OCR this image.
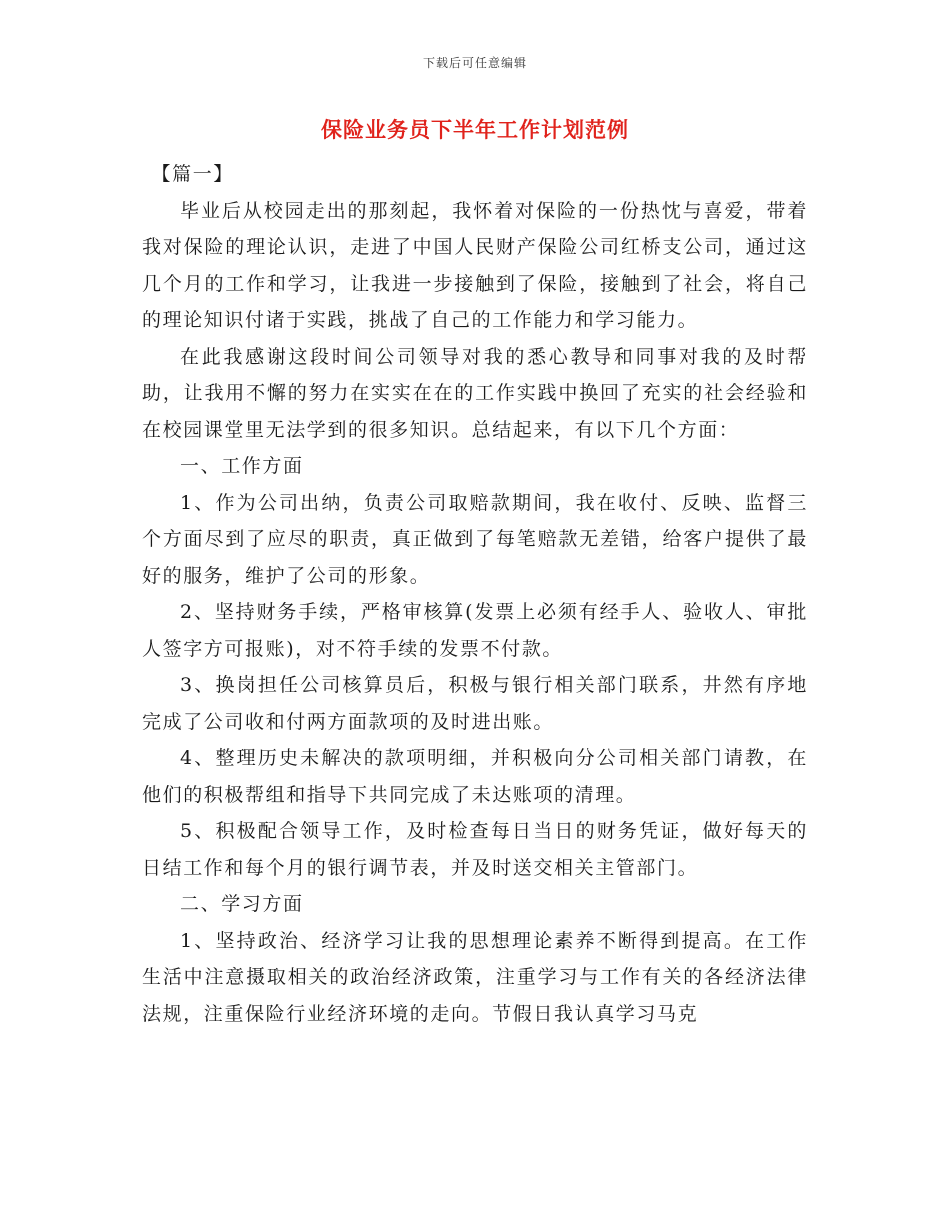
下载后可任意编辑
保险业务员下半年工作计划范例

【篇一】

毕业后从校园走出的那刻起，我怀着对保险的一份热忱与喜爱，带着我对保险的理论认识，走进了中国人民财产保险公司红桥支公司，通过这几个月的工作和学习，让我进一步接触到了保险，接触到了社会，将自己的理论知识付诸于实践，挑战了自己的工作能力和学习能力。

在此我感谢这段时间公司领导对我的悉心教导和同事对我的及时帮助，让我用不懈的努力在实实在在的工作实践中换回了充实的社会经验和在校园课堂里无法学到的很多知识。总结起来，有以下几个方面：

一、工作方面

1、作为公司出纳，负责公司取赔款期间，我在收付、反映、监督三个方面尽到了应尽的职责，真正做到了每笔赔款无差错，给客户提供了最好的服务，维护了公司的形象。

2、坚持财务手续，严格审核算(发票上必须有经手人、验收人、审批人签字方可报账)，对不符手续的发票不付款。

3、换岗担任公司核算员后，积极与银行相关部门联系，井然有序地完成了公司收和付两方面款项的及时进出账。

4、整理历史未解决的款项明细，并积极向分公司相关部门请教，在他们的积极帮组和指导下共同完成了未达账项的清理。

5、积极配合领导工作，及时检查每日当日的财务凭证，做好每天的日结工作和每个月的银行调节表，并及时送交相关主管部门。

二、学习方面

1、坚持政治、经济学习让我的思想理论素养不断得到提高。在工作生活中注意摄取相关的政治经济政策，注重学习与工作有关的各经济法律法规，注重保险行业经济环境的走向。节假日我认真学习马克
